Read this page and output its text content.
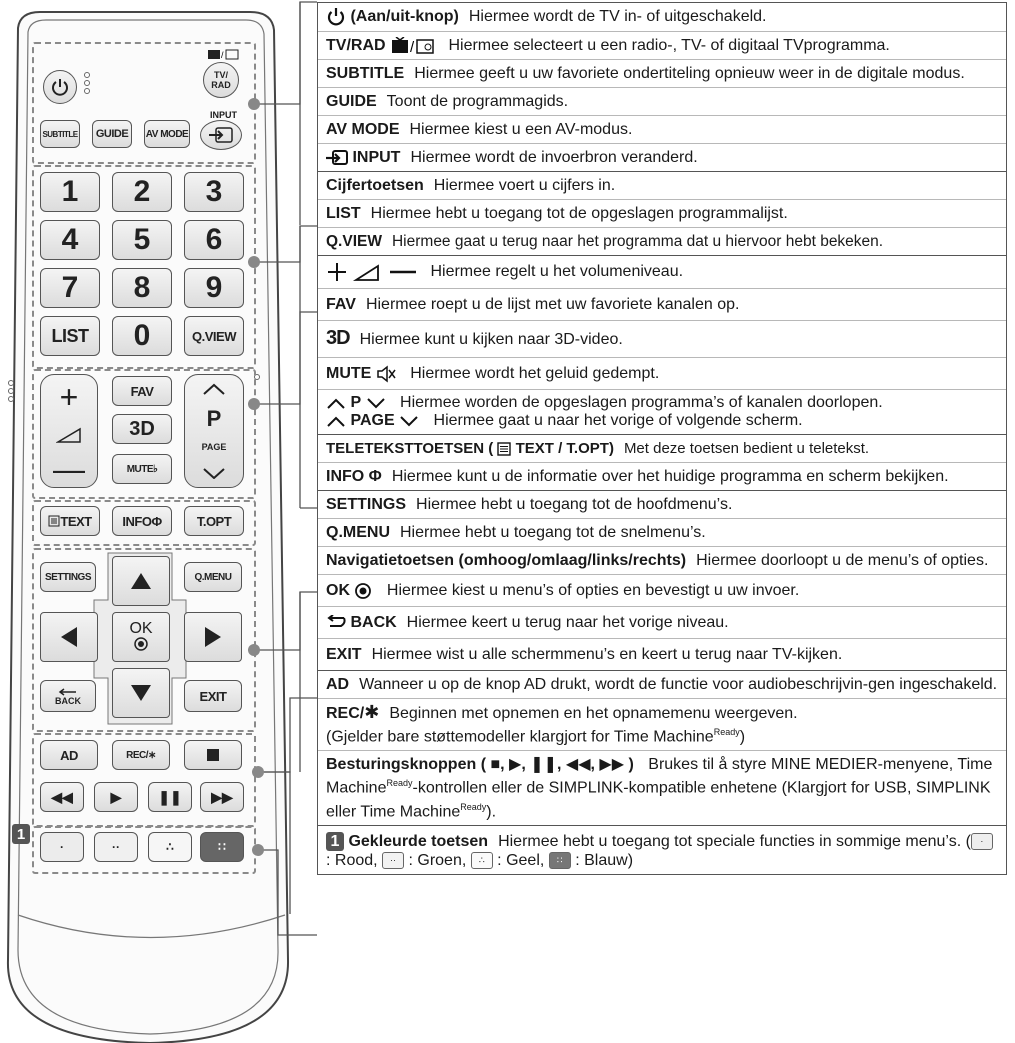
/
TV/
RAD
INPUT
SUBTITLE GUIDE AV MODE
1 2 3
4 5 6
7 8 9
LIST 0	Q.VIEW
+
—
FAV
3D
MUTE ♭
P
PAGE
TEXT INFO Φ	T.OPT
SETTINGS	Q.MENU
OK
BACK	EXIT
AD	REC/∗
◀◀	▶	❚❚ ▶▶
1
·	··	∴	∷
(Aan/uit-knop) Hiermee wordt de TV in- of uitgeschakeld.
TV/RAD / Hiermee selecteert u een radio-, TV- of digitaal TVprogramma.
SUBTITLE Hiermee geeft u uw favoriete ondertiteling opnieuw weer in de digitale modus.
GUIDE Toont de programmagids.
AV MODE Hiermee kiest u een AV-modus.
INPUT Hiermee wordt de invoerbron veranderd.
Cijfertoetsen Hiermee voert u cijfers in.
LIST Hiermee hebt u toegang tot de opgeslagen programmalijst.
Q.VIEW Hiermee gaat u terug naar het programma dat u hiervoor hebt bekeken.
Hiermee regelt u het volumeniveau.
FAV Hiermee roept u de lijst met uw favoriete kanalen op.
3D Hiermee kunt u kijken naar 3D-video.
MUTE Hiermee wordt het geluid gedempt.
P Hiermee worden de opgeslagen programma’s of kanalen doorlopen.
PAGE Hiermee gaat u naar het vorige of volgende scherm.
TELETEKSTTOETSEN ( TEXT / T.OPT) Met deze toetsen bedient u teletekst.
INFO Φ Hiermee kunt u de informatie over het huidige programma en scherm bekijken.
SETTINGS Hiermee hebt u toegang tot de hoofdmenu’s.
Q.MENU Hiermee hebt u toegang tot de snelmenu’s.
Navigatietoetsen (omhoog/omlaag/links/rechts) Hiermee doorloopt u de menu’s of opties.
OK Hiermee kiest u menu’s of opties en bevestigt u uw invoer.
BACK Hiermee keert u terug naar het vorige niveau.
EXIT Hiermee wist u alle schermmenu’s en keert u terug naar TV-kijken.
AD Wanneer u op de knop AD drukt, wordt de functie voor audiobeschrijvin-gen ingeschakeld.
REC/✱ Beginnen met opnemen en het opnamemenu weergeven.
(Gjelder bare støttemodeller klargjort for Time Machine$^{Ready}$)
Besturingsknoppen ( ■, ▶, ❚❚, ◀◀, ▶▶ ) Brukes til å styre MINE MEDIER-menyene, Time Machine$^{Ready}$-kontrollen eller de SIMPLINK-kompatible enhetene (Klargjort for USB, SIMPLINK eller Time Machine$^{Ready}$).
1 Gekleurde toetsen Hiermee hebt u toegang tot speciale functies in sommige menu’s. ( · : Rood, ·· : Groen, ∴ : Geel, ∷ : Blauw)
